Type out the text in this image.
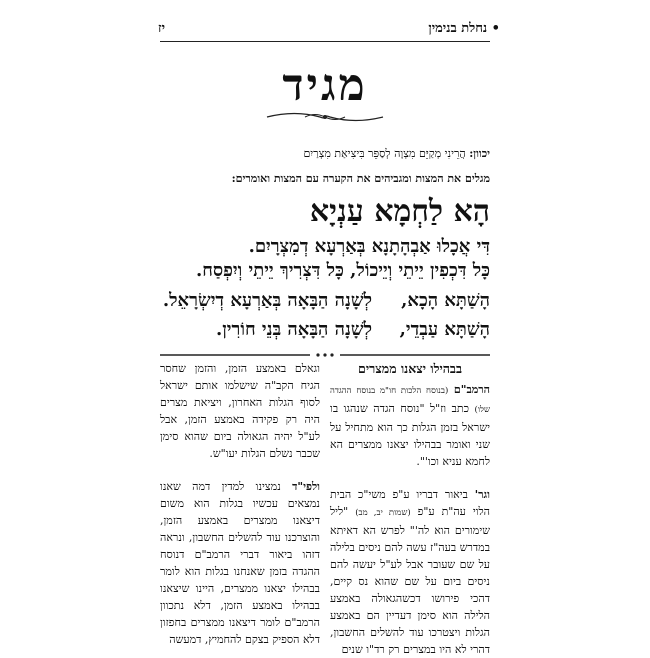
• נחלת בנימין
יז
מגיד
יכוון: הֲרֵינִי מְקַיֵּם מִצְוָה לְסַפֵּר בִּיצִיאַת מִצְרַיִם
מגלים את המצות ומגביהים את הקערה עם המצות ואומרים:
הָא לַחְמָא עַנְיָא
דִּי אֲכָלוּ אַבְהָתָנָא בְּאַרְעָא דְמִצְרָיִם.
כָּל דִּכְפִין יֵיתֵי וְיֵיכוֹל, כָּל דִּצְרִיךְ יֵיתֵי וְיִפְסַח.
הָשַׁתָּא הָכָא,
לְשָׁנָה הַבָּאָה בְּאַרְעָא דְיִשְׂרָאֵל.
הָשַׁתָּא עַבְדֵי,
לְשָׁנָה הַבָּאָה בְּנֵי חוֹרִין.
בבהילו יצאנו ממצרים
הרמב"ם (בנוסח הלכות חו"מ בנוסח ההגדה שלו) כתב וז"ל "נוסח הגדה שנהגו בו ישראל בזמן הגלות כך הוא מתחיל על שני ואומר בבהילו יצאנו ממצרים הא לחמא עניא וכו'".
וגר' ביאור דבריו ע"פ משי"כ הבית הלוי עה"ת ע"פ (שמות יב, מב) "ליל שימורים הוא לה'" לפרש הא דאיתא במדרש בעה"ז עשה להם ניסים בלילה על שם שעובר אבל לע"ל יעשה להם ניסים ביום על שם שהוא נס קיים, דהכי פירושו דכשהגאולה באמצע הלילה הוא סימן דעדיין הם באמצע הגלות ויצטרכו עוד להשלים החשבון, דהרי לא היו במצרים רק רד"ו שנים
וגאלם באמצע הזמן, והזמן שחסר הגיח הקב"ה שישלמו אותם ישראל לסוף הגלות האחרון, ויציאת מצרים היה רק פקידה באמצע הזמן, אבל לע"ל יהיה הגאולה ביום שהוא סימן שכבר נשלם הגלות יעו"ש.
ולפי"ד נמצינו למדין דמה שאנו נמצאים עכשיו בגלות הוא משום דיצאנו ממצרים באמצע הזמן, והוצרכנו עוד להשלים החשבון, ונראה דזהו ביאור דברי הרמב"ם דנוסח ההגדה בזמן שאנחנו בגלות הוא לומר בבהילו יצאנו ממצרים, היינו שיצאנו בבהילו באמצע הזמן, דלא נתכוון הרמב"ם לומר דיצאנו ממצרים בחפזון דלא הספיק בצקם להחמיץ, דמעשה
